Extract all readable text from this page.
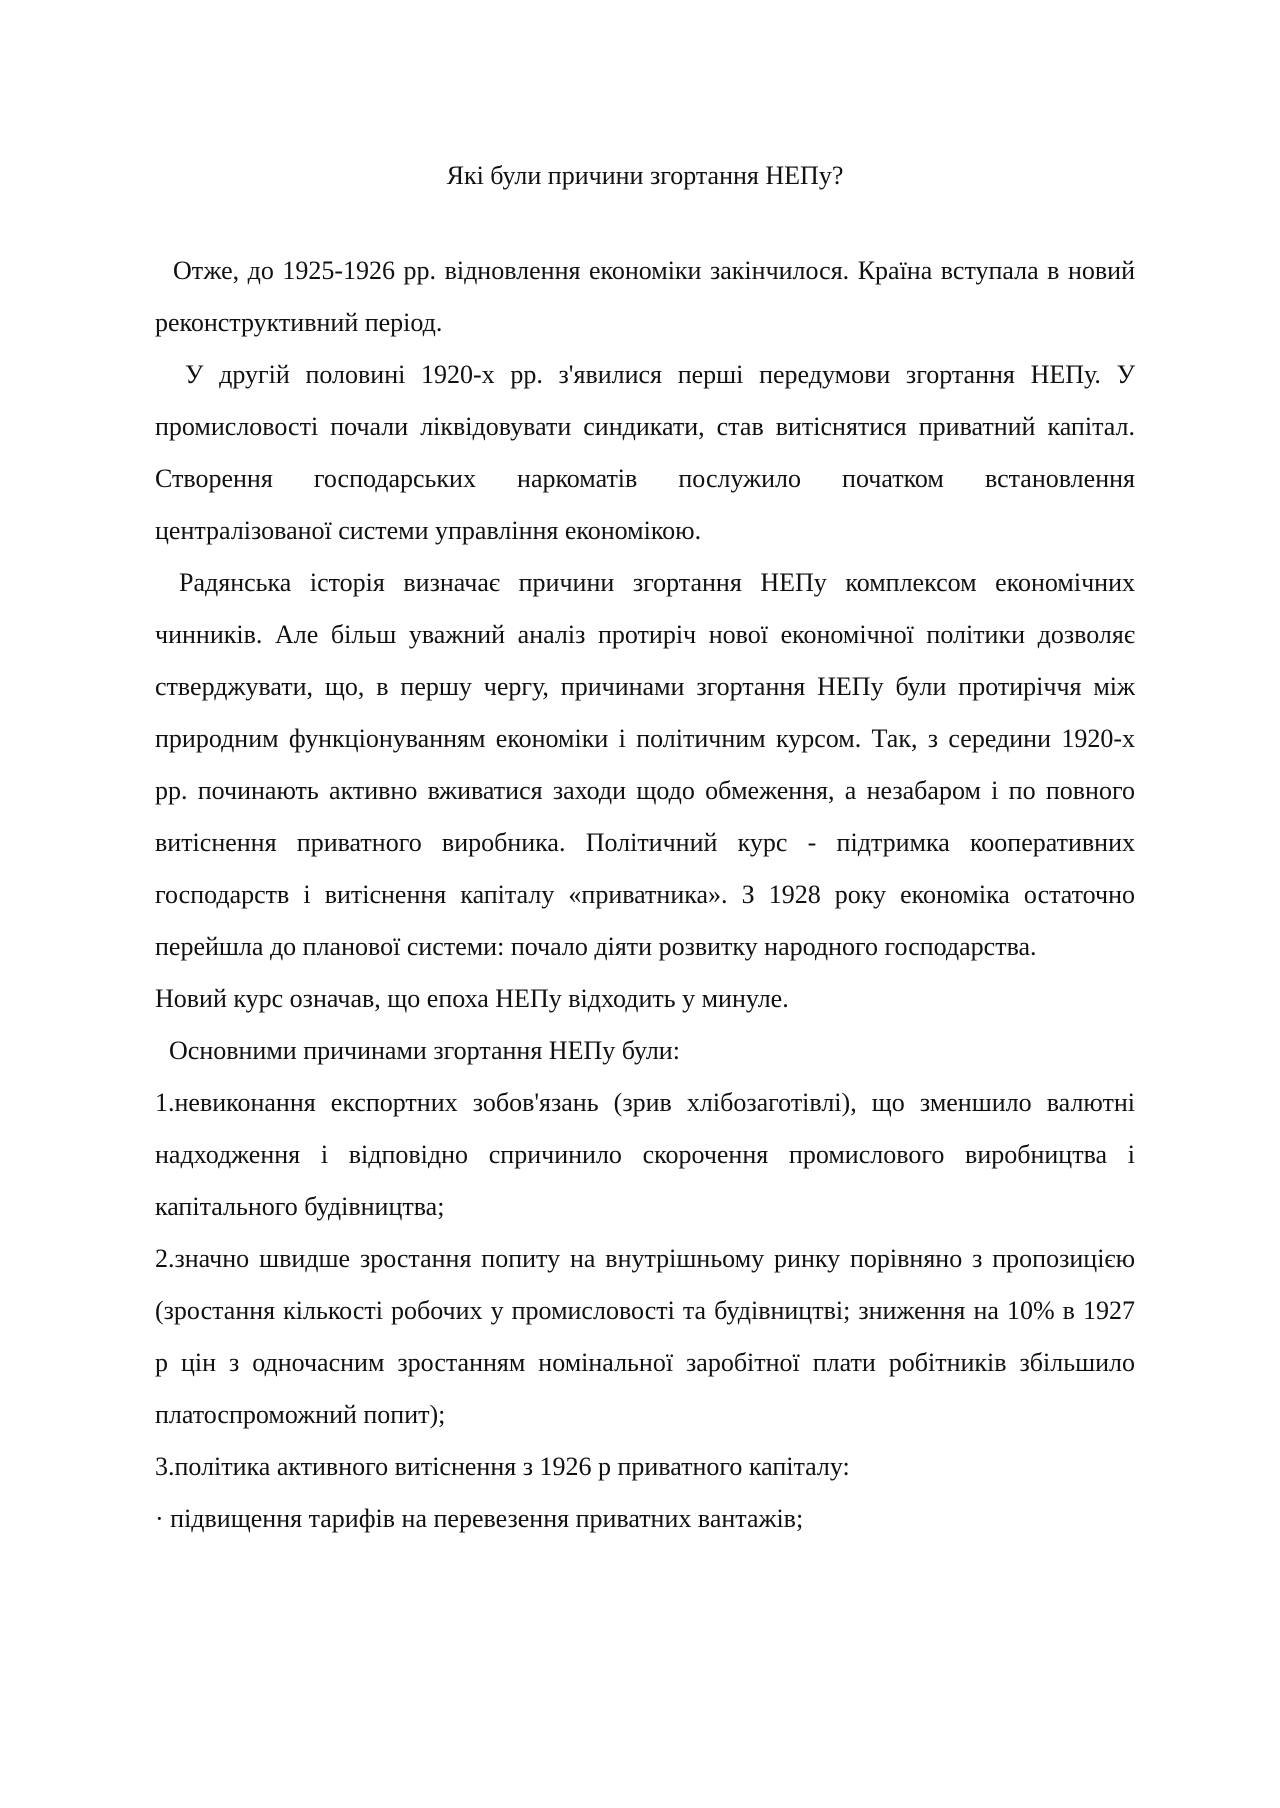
Які були причини згортання НЕПу?

Отже, до 1925-1926 рр. відновлення економіки закінчилося. Країна вступала в новий реконструктивний період.

У другій половині 1920-х рр. з'явилися перші передумови згортання НЕПу. У промисловості почали ліквідовувати синдикати, став витіснятися приватний капітал. Створення господарських наркоматів послужило початком встановлення централізованої системи управління економікою.

Радянська історія визначає причини згортання НЕПу комплексом економічних чинників. Але більш уважний аналіз протиріч нової економічної політики дозволяє стверджувати, що, в першу чергу, причинами згортання НЕПу були протиріччя між природним функціонуванням економіки і політичним курсом. Так, з середини 1920-х рр. починають активно вживатися заходи щодо обмеження, а незабаром і по повного витіснення приватного виробника. Політичний курс - підтримка кооперативних господарств і витіснення капіталу «приватника». З 1928 року економіка остаточно перейшла до планової системи: почало діяти розвитку народного господарства.

Новий курс означав, що епоха НЕПу відходить у минуле.

Основними причинами згортання НЕПу були:

1.невиконання експортних зобов'язань (зрив хлібозаготівлі), що зменшило валютні надходження і відповідно спричинило скорочення промислового виробництва і капітального будівництва;

2.значно швидше зростання попиту на внутрішньому ринку порівняно з пропозицією (зростання кількості робочих у промисловості та будівництві; зниження на 10% в 1927 р цін з одночасним зростанням номінальної заробітної плати робітників збільшило платоспроможний попит);

3.політика активного витіснення з 1926 р приватного капіталу:

· підвищення тарифів на перевезення приватних вантажів;
